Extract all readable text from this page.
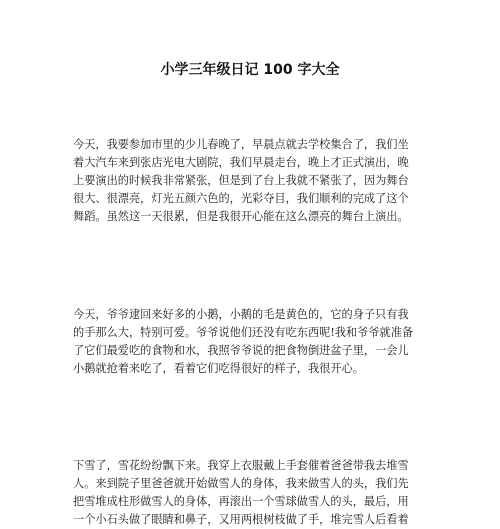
小学三年级日记 100 字大全

今天，我要参加市里的少儿春晚了，早晨点就去学校集合了，我们坐
着大汽车来到张店光电大剧院，我们早晨走台，晚上才正式演出，晚
上要演出的时候我非常紧张，但是到了台上我就不紧张了，因为舞台
很大、很漂亮，灯光五颜六色的，光彩夺目，我们顺利的完成了这个
舞蹈。虽然这一天很累，但是我很开心能在这么漂亮的舞台上演出。

今天，爷爷逮回来好多的小鹅，小鹅的毛是黄色的，它的身子只有我
的手那么大，特别可爱。爷爷说他们还没有吃东西呢!我和爷爷就准备
了它们最爱吃的食物和水，我照爷爷说的把食物倒进盆子里，一会儿
小鹅就抢着来吃了，看着它们吃得很好的样子，我很开心。

下雪了，雪花纷纷飘下来。我穿上衣服戴上手套催着爸爸带我去堆雪
人。来到院子里爸爸就开始做雪人的身体，我来做雪人的头，我们先
把雪堆成柱形做雪人的身体，再滚出一个雪球做雪人的头，最后，用
一个小石头做了眼睛和鼻子，又用两根树枝做了手，堆完雪人后看着
